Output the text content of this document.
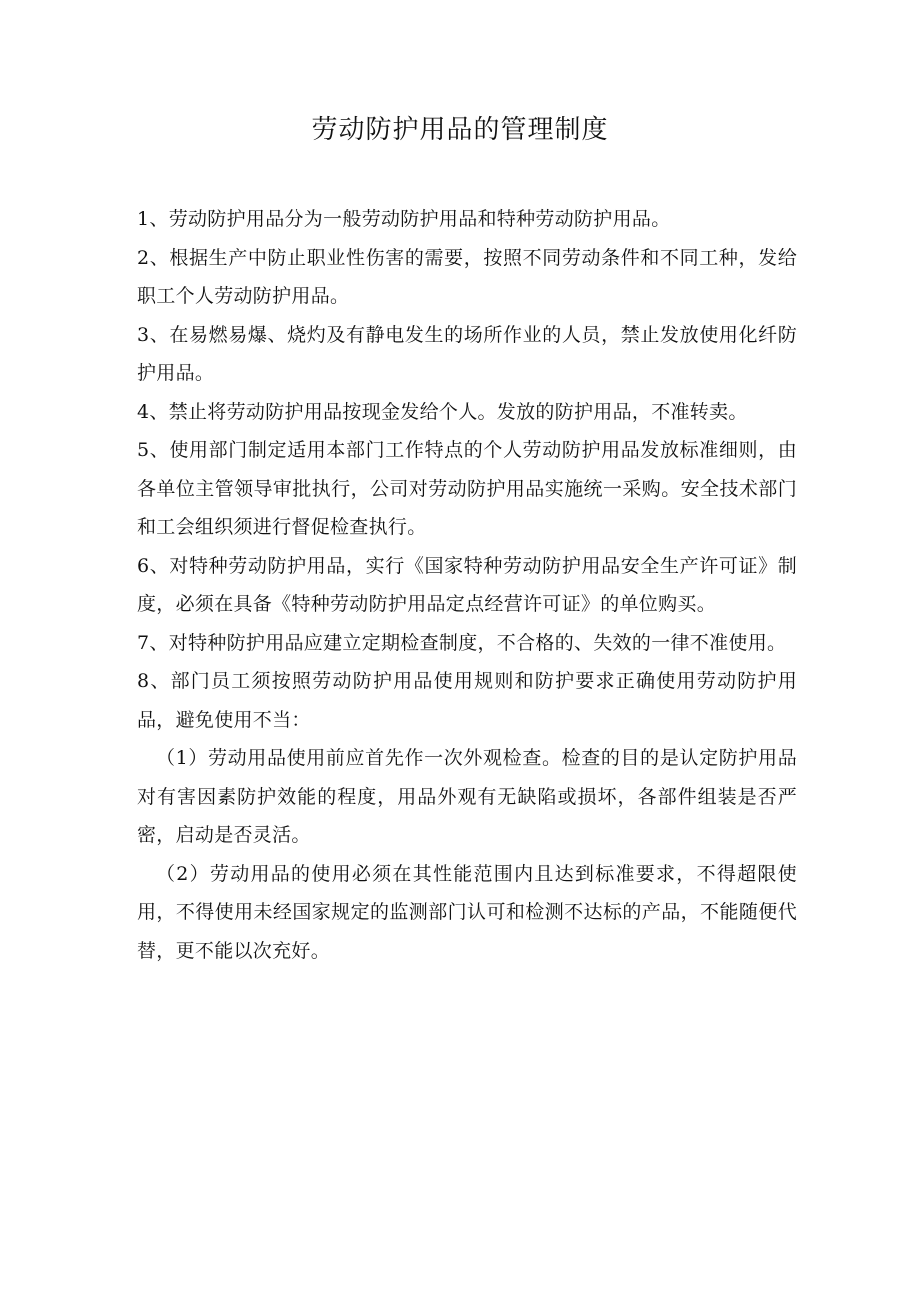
劳动防护用品的管理制度

1、劳动防护用品分为一般劳动防护用品和特种劳动防护用品。

2、根据生产中防止职业性伤害的需要，按照不同劳动条件和不同工种，发给职工个人劳动防护用品。

3、在易燃易爆、烧灼及有静电发生的场所作业的人员，禁止发放使用化纤防护用品。

4、禁止将劳动防护用品按现金发给个人。发放的防护用品，不准转卖。

5、使用部门制定适用本部门工作特点的个人劳动防护用品发放标准细则，由各单位主管领导审批执行，公司对劳动防护用品实施统一采购。安全技术部门和工会组织须进行督促检查执行。

6、对特种劳动防护用品，实行《国家特种劳动防护用品安全生产许可证》制度，必须在具备《特种劳动防护用品定点经营许可证》的单位购买。

7、对特种防护用品应建立定期检查制度，不合格的、失效的一律不准使用。

8、部门员工须按照劳动防护用品使用规则和防护要求正确使用劳动防护用品，避免使用不当：

（1）劳动用品使用前应首先作一次外观检查。检查的目的是认定防护用品对有害因素防护效能的程度，用品外观有无缺陷或损坏，各部件组装是否严密，启动是否灵活。

（2）劳动用品的使用必须在其性能范围内且达到标准要求，不得超限使用，不得使用未经国家规定的监测部门认可和检测不达标的产品，不能随便代替，更不能以次充好。
